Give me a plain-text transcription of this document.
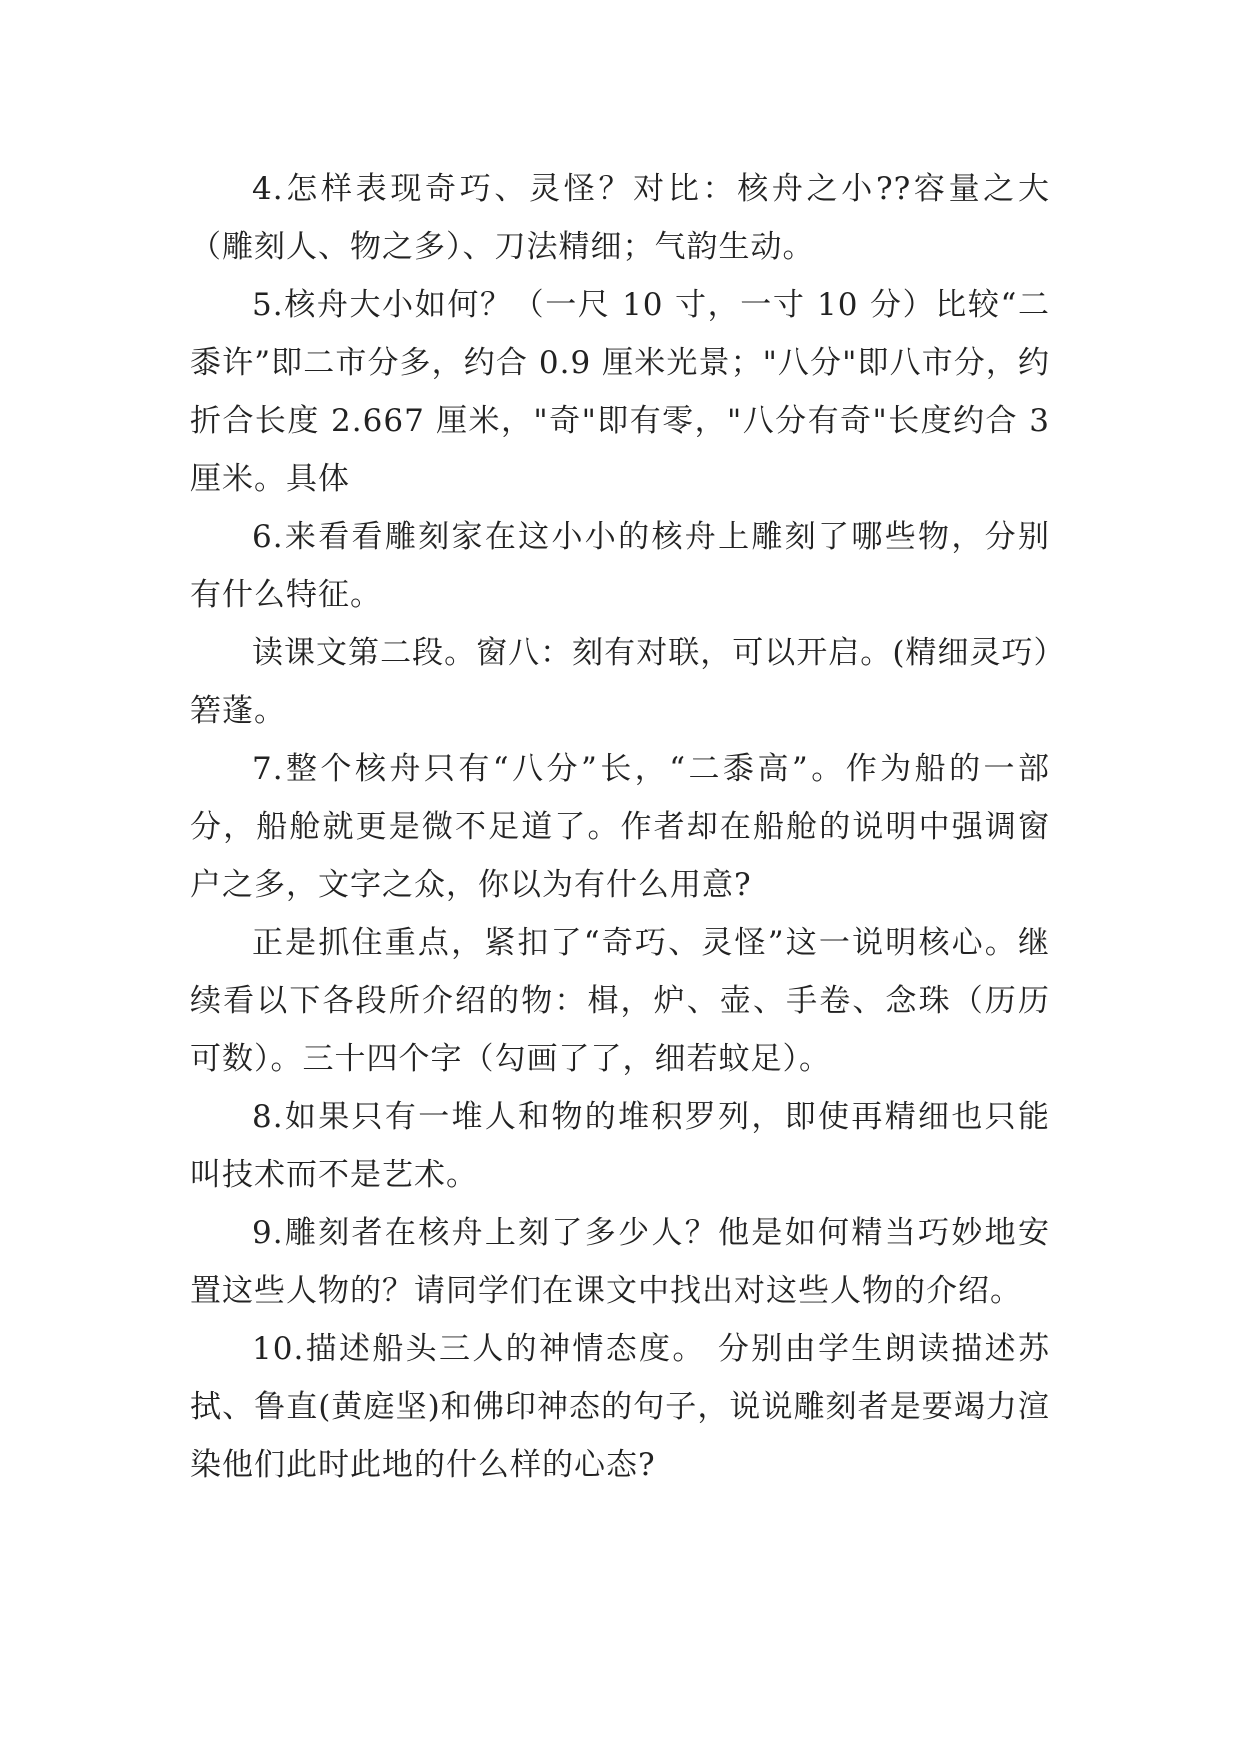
4.怎样表现奇巧、灵怪？对比：核舟之小??容量之大（雕刻人、物之多）、刀法精细；气韵生动。

5.核舟大小如何？（一尺 10 寸，一寸 10 分）比较“二黍许”即二市分多，约合 0.9 厘米光景；"八分"即八市分，约折合长度 2.667 厘米，"奇"即有零，"八分有奇"长度约合 3 厘米。具体

6.来看看雕刻家在这小小的核舟上雕刻了哪些物，分别有什么特征。

读课文第二段。窗八：刻有对联，可以开启。(精细灵巧）箬蓬。

7.整个核舟只有“八分”长，“二黍高”。作为船的一部分，船舱就更是微不足道了。作者却在船舱的说明中强调窗户之多，文字之众，你以为有什么用意?

正是抓住重点，紧扣了“奇巧、灵怪”这一说明核心。继续看以下各段所介绍的物：楫，炉、壶、手卷、念珠（历历可数）。三十四个字（勾画了了，细若蚊足）。

8.如果只有一堆人和物的堆积罗列，即使再精细也只能叫技术而不是艺术。

9.雕刻者在核舟上刻了多少人？他是如何精当巧妙地安置这些人物的？请同学们在课文中找出对这些人物的介绍。

10.描述船头三人的神情态度。 分别由学生朗读描述苏拭、鲁直(黄庭坚)和佛印神态的句子，说说雕刻者是要竭力渲染他们此时此地的什么样的心态?
